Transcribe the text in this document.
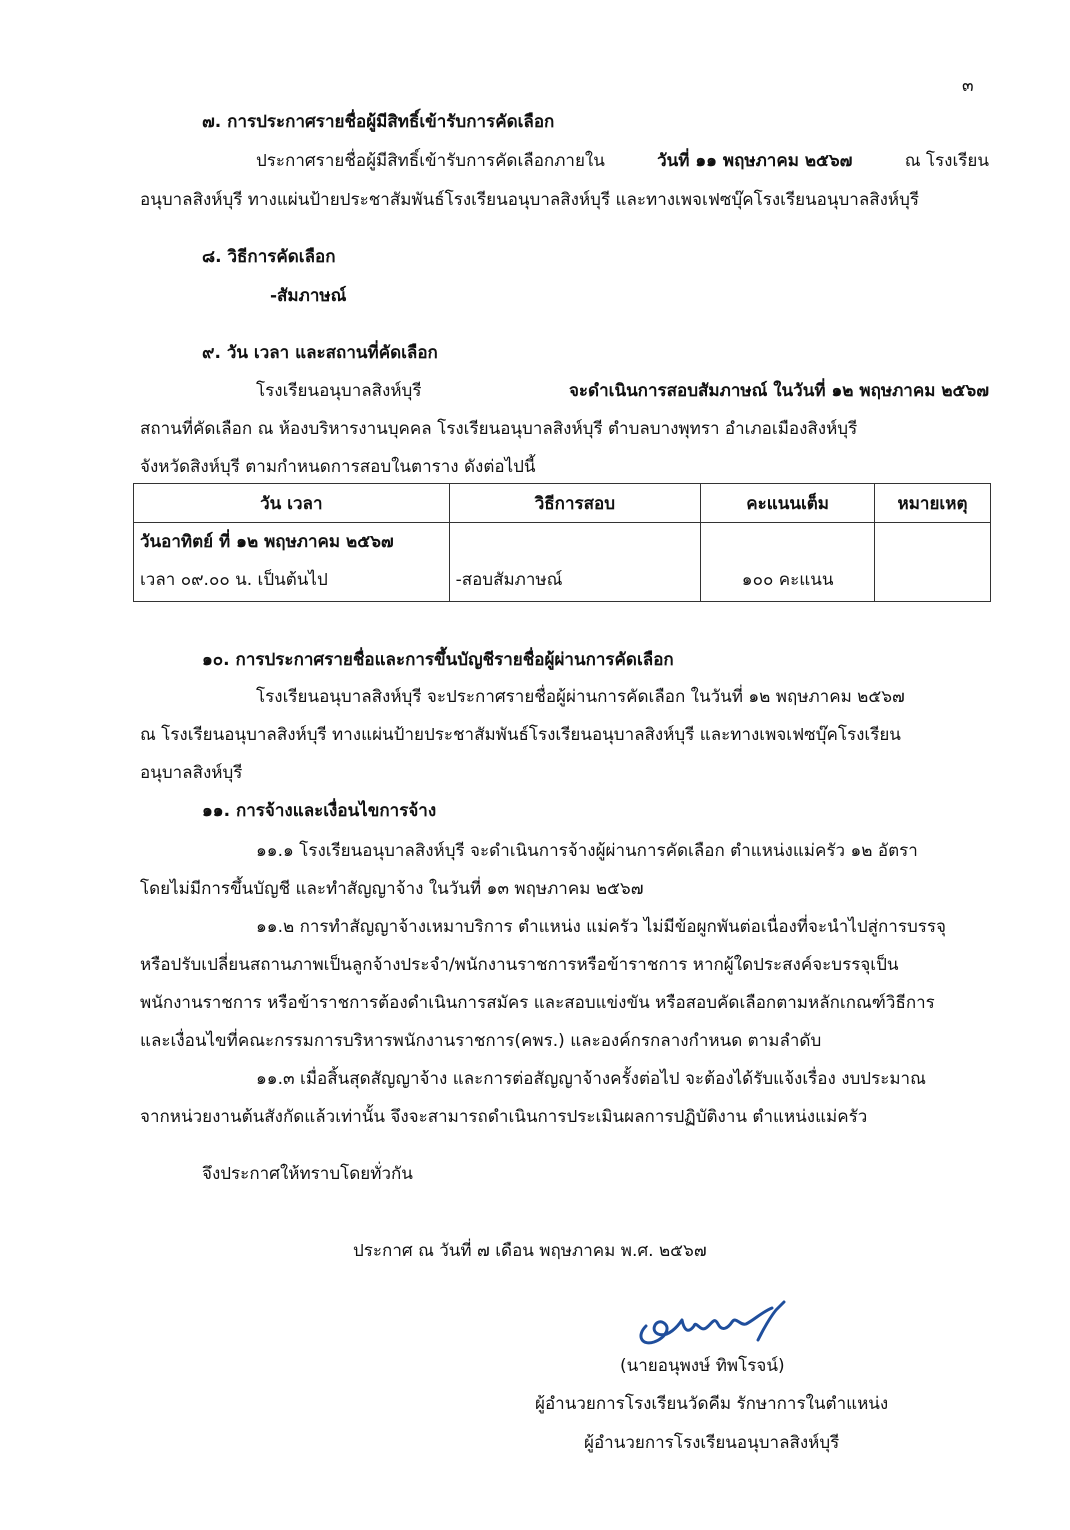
๓
๗. การประกาศรายชื่อผู้มีสิทธิ์เข้ารับการคัดเลือก
ประกาศรายชื่อผู้มีสิทธิ์เข้ารับการคัดเลือกภายใน	วันที่ ๑๑ พฤษภาคม ๒๕๖๗	ณ โรงเรียน
อนุบาลสิงห์บุรี ทางแผ่นป้ายประชาสัมพันธ์โรงเรียนอนุบาลสิงห์บุรี และทางเพจเฟซบุ๊คโรงเรียนอนุบาลสิงห์บุรี
๘. วิธีการคัดเลือก
-สัมภาษณ์
๙. วัน เวลา และสถานที่คัดเลือก
โรงเรียนอนุบาลสิงห์บุรี	จะดำเนินการสอบสัมภาษณ์ ในวันที่ ๑๒ พฤษภาคม ๒๕๖๗
สถานที่คัดเลือก ณ ห้องบริหารงานบุคคล โรงเรียนอนุบาลสิงห์บุรี ตำบลบางพุทรา อำเภอเมืองสิงห์บุรี
จังหวัดสิงห์บุรี ตามกำหนดการสอบในตาราง ดังต่อไปนี้
วัน เวลา	วิธีการสอบ	คะแนนเต็ม	หมายเหตุ

วันอาทิตย์ ที่ ๑๒ พฤษภาคม ๒๕๖๗
เวลา ๐๙.๐๐ น. เป็นต้นไป	-สอบสัมภาษณ์	๑๐๐ คะแนน	

๑๐. การประกาศรายชื่อและการขึ้นบัญชีรายชื่อผู้ผ่านการคัดเลือก
โรงเรียนอนุบาลสิงห์บุรี จะประกาศรายชื่อผู้ผ่านการคัดเลือก ในวันที่ ๑๒ พฤษภาคม ๒๕๖๗
ณ โรงเรียนอนุบาลสิงห์บุรี ทางแผ่นป้ายประชาสัมพันธ์โรงเรียนอนุบาลสิงห์บุรี และทางเพจเฟซบุ๊คโรงเรียน
อนุบาลสิงห์บุรี
๑๑. การจ้างและเงื่อนไขการจ้าง
๑๑.๑ โรงเรียนอนุบาลสิงห์บุรี จะดำเนินการจ้างผู้ผ่านการคัดเลือก ตำแหน่งแม่ครัว ๑๒ อัตรา
โดยไม่มีการขึ้นบัญชี และทำสัญญาจ้าง ในวันที่ ๑๓ พฤษภาคม ๒๕๖๗
๑๑.๒ การทำสัญญาจ้างเหมาบริการ ตำแหน่ง แม่ครัว ไม่มีข้อผูกพันต่อเนื่องที่จะนำไปสู่การบรรจุ
หรือปรับเปลี่ยนสถานภาพเป็นลูกจ้างประจำ/พนักงานราชการหรือข้าราชการ หากผู้ใดประสงค์จะบรรจุเป็น
พนักงานราชการ หรือข้าราชการต้องดำเนินการสมัคร และสอบแข่งขัน หรือสอบคัดเลือกตามหลักเกณฑ์วิธีการ
และเงื่อนไขที่คณะกรรมการบริหารพนักงานราชการ(คพร.) และองค์กรกลางกำหนด ตามลำดับ
๑๑.๓ เมื่อสิ้นสุดสัญญาจ้าง และการต่อสัญญาจ้างครั้งต่อไป จะต้องได้รับแจ้งเรื่อง งบประมาณ
จากหน่วยงานต้นสังกัดแล้วเท่านั้น จึงจะสามารถดำเนินการประเมินผลการปฏิบัติงาน ตำแหน่งแม่ครัว
จึงประกาศให้ทราบโดยทั่วกัน
ประกาศ ณ วันที่ ๗ เดือน พฤษภาคม พ.ศ. ๒๕๖๗
(นายอนุพงษ์ ทิพโรจน์)
ผู้อำนวยการโรงเรียนวัดคีม รักษาการในตำแหน่ง
ผู้อำนวยการโรงเรียนอนุบาลสิงห์บุรี
